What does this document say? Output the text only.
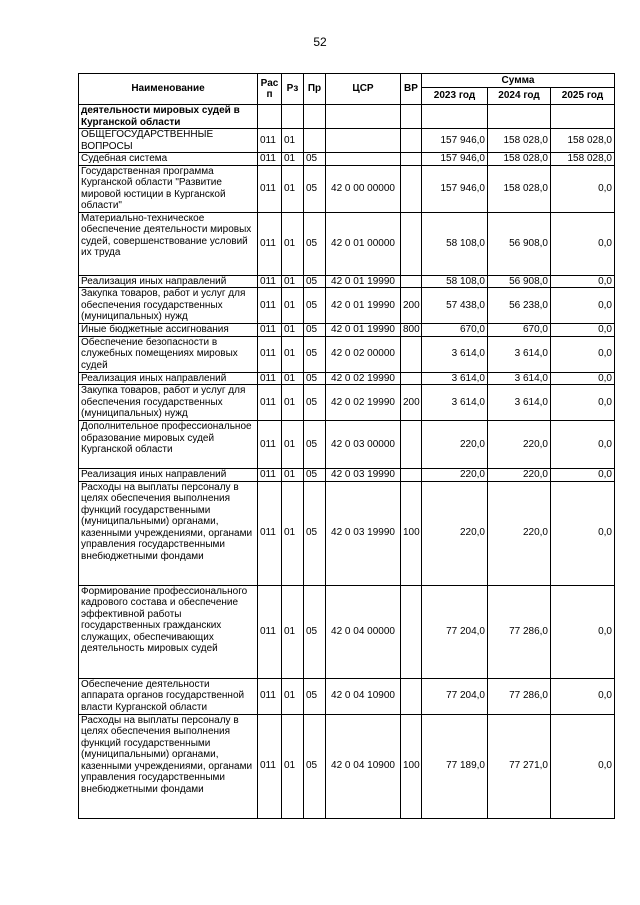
52
Наименование	Рас п	Рз	Пр	ЦСР	ВР	Сумма		
						2023 год	2024 год	2025 год
деятельности мировых судей в Курганской области								
ОБЩЕГОСУДАРСТВЕННЫЕ ВОПРОСЫ	011	01				157 946,0	158 028,0	158 028,0
Судебная система	011	01	05			157 946,0	158 028,0	158 028,0
Государственная программа Курганской области "Развитие мировой юстиции в Курганской области"	011	01	05	42 0 00 00000		157 946,0	158 028,0	0,0
Материально-техническое обеспечение деятельности мировых судей, совершенствование условий их труда	011	01	05	42 0 01 00000		58 108,0	56 908,0	0,0
Реализация иных направлений	011	01	05	42 0 01 19990		58 108,0	56 908,0	0,0
Закупка товаров, работ и услуг для обеспечения государственных (муниципальных) нужд	011	01	05	42 0 01 19990	200	57 438,0	56 238,0	0,0
Иные бюджетные ассигнования	011	01	05	42 0 01 19990	800	670,0	670,0	0,0
Обеспечение безопасности в служебных помещениях мировых судей	011	01	05	42 0 02 00000		3 614,0	3 614,0	0,0
Реализация иных направлений	011	01	05	42 0 02 19990		3 614,0	3 614,0	0,0
Закупка товаров, работ и услуг для обеспечения государственных (муниципальных) нужд	011	01	05	42 0 02 19990	200	3 614,0	3 614,0	0,0
Дополнительное профессиональное образование мировых судей Курганской области	011	01	05	42 0 03 00000		220,0	220,0	0,0
Реализация иных направлений	011	01	05	42 0 03 19990		220,0	220,0	0,0
Расходы на выплаты персоналу в целях обеспечения выполнения функций государственными (муниципальными) органами, казенными учреждениями, органами управления государственными внебюджетными фондами	011	01	05	42 0 03 19990	100	220,0	220,0	0,0
Формирование профессионального кадрового состава и обеспечение эффективной работы государственных гражданских служащих, обеспечивающих деятельность мировых судей	011	01	05	42 0 04 00000		77 204,0	77 286,0	0,0
Обеспечение деятельности аппарата органов государственной власти Курганской области	011	01	05	42 0 04 10900		77 204,0	77 286,0	0,0
Расходы на выплаты персоналу в целях обеспечения выполнения функций государственными (муниципальными) органами, казенными учреждениями, органами управления государственными внебюджетными фондами	011	01	05	42 0 04 10900	100	77 189,0	77 271,0	0,0
